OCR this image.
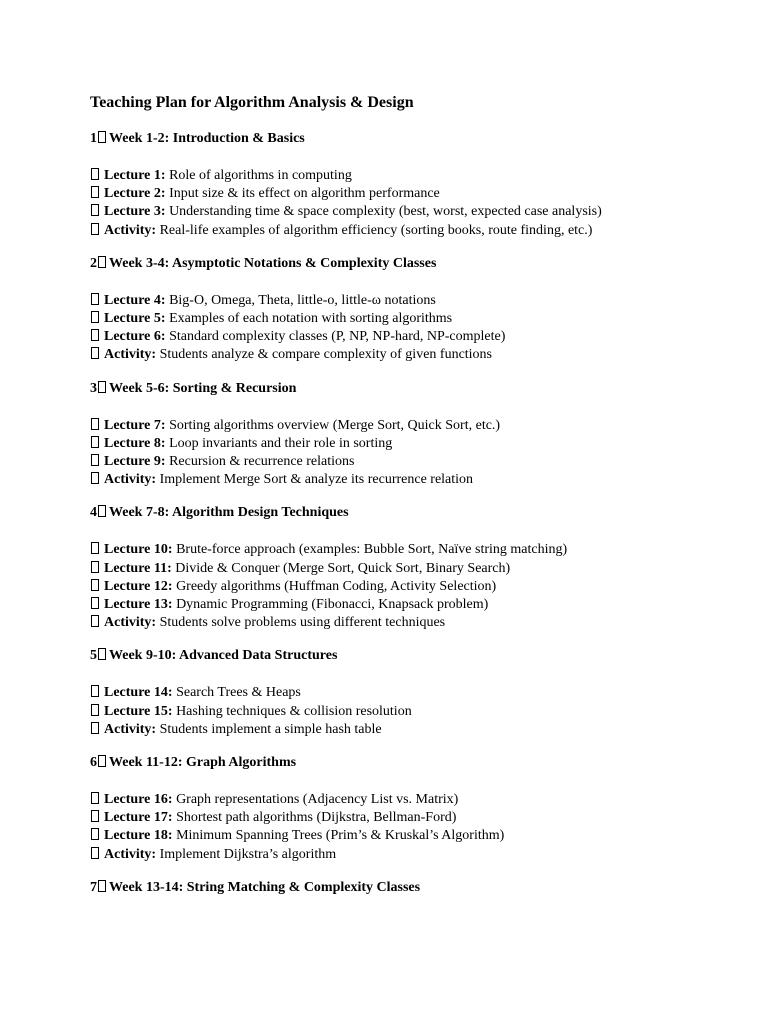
Teaching Plan for Algorithm Analysis & Design
1 Week 1-2: Introduction & Basics
Lecture 1: Role of algorithms in computing
Lecture 2: Input size & its effect on algorithm performance
Lecture 3: Understanding time & space complexity (best, worst, expected case analysis)
Activity: Real-life examples of algorithm efficiency (sorting books, route finding, etc.)
2 Week 3-4: Asymptotic Notations & Complexity Classes
Lecture 4: Big-O, Omega, Theta, little-o, little-ω notations
Lecture 5: Examples of each notation with sorting algorithms
Lecture 6: Standard complexity classes (P, NP, NP-hard, NP-complete)
Activity: Students analyze & compare complexity of given functions
3 Week 5-6: Sorting & Recursion
Lecture 7: Sorting algorithms overview (Merge Sort, Quick Sort, etc.)
Lecture 8: Loop invariants and their role in sorting
Lecture 9: Recursion & recurrence relations
Activity: Implement Merge Sort & analyze its recurrence relation
4 Week 7-8: Algorithm Design Techniques
Lecture 10: Brute-force approach (examples: Bubble Sort, Naïve string matching)
Lecture 11: Divide & Conquer (Merge Sort, Quick Sort, Binary Search)
Lecture 12: Greedy algorithms (Huffman Coding, Activity Selection)
Lecture 13: Dynamic Programming (Fibonacci, Knapsack problem)
Activity: Students solve problems using different techniques
5 Week 9-10: Advanced Data Structures
Lecture 14: Search Trees & Heaps
Lecture 15: Hashing techniques & collision resolution
Activity: Students implement a simple hash table
6 Week 11-12: Graph Algorithms
Lecture 16: Graph representations (Adjacency List vs. Matrix)
Lecture 17: Shortest path algorithms (Dijkstra, Bellman-Ford)
Lecture 18: Minimum Spanning Trees (Prim’s & Kruskal’s Algorithm)
Activity: Implement Dijkstra’s algorithm
7 Week 13-14: String Matching & Complexity Classes
